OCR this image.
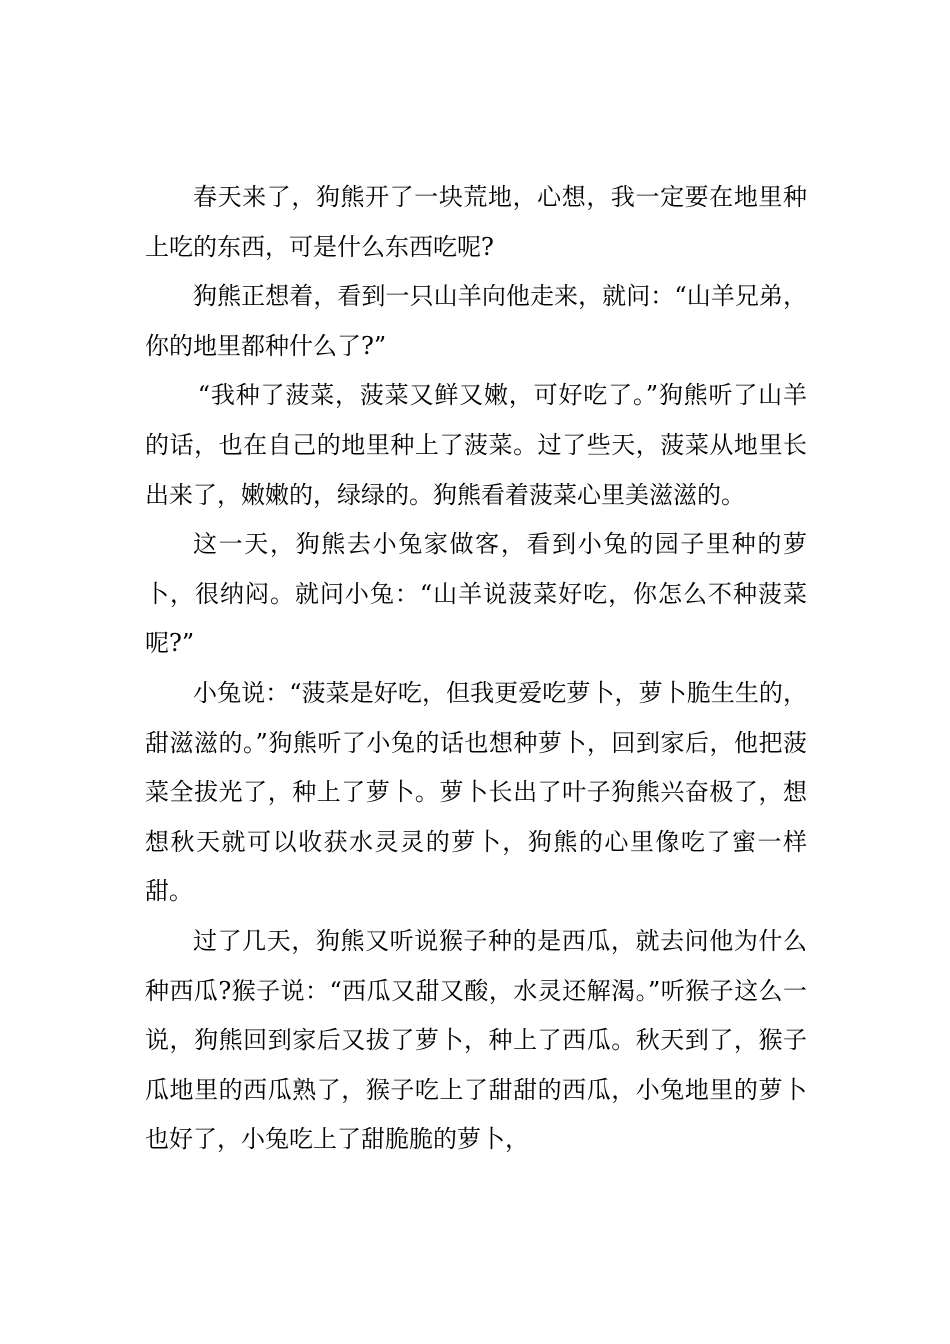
春天来了，狗熊开了一块荒地，心想，我一定要在地里种上吃的东西，可是什么东西吃呢?

狗熊正想着，看到一只山羊向他走来，就问：“山羊兄弟，你的地里都种什么了?”

“我种了菠菜，菠菜又鲜又嫩，可好吃了。”狗熊听了山羊的话，也在自己的地里种上了菠菜。过了些天，菠菜从地里长出来了，嫩嫩的，绿绿的。狗熊看着菠菜心里美滋滋的。

这一天，狗熊去小兔家做客，看到小兔的园子里种的萝卜，很纳闷。就问小兔：“山羊说菠菜好吃，你怎么不种菠菜呢?”

小兔说：“菠菜是好吃，但我更爱吃萝卜，萝卜脆生生的，甜滋滋的。”狗熊听了小兔的话也想种萝卜，回到家后，他把菠菜全拔光了，种上了萝卜。萝卜长出了叶子狗熊兴奋极了，想想秋天就可以收获水灵灵的萝卜，狗熊的心里像吃了蜜一样甜。

过了几天，狗熊又听说猴子种的是西瓜，就去问他为什么种西瓜?猴子说：“西瓜又甜又酸，水灵还解渴。”听猴子这么一说，狗熊回到家后又拔了萝卜，种上了西瓜。秋天到了，猴子瓜地里的西瓜熟了，猴子吃上了甜甜的西瓜，小兔地里的萝卜也好了，小兔吃上了甜脆脆的萝卜，
